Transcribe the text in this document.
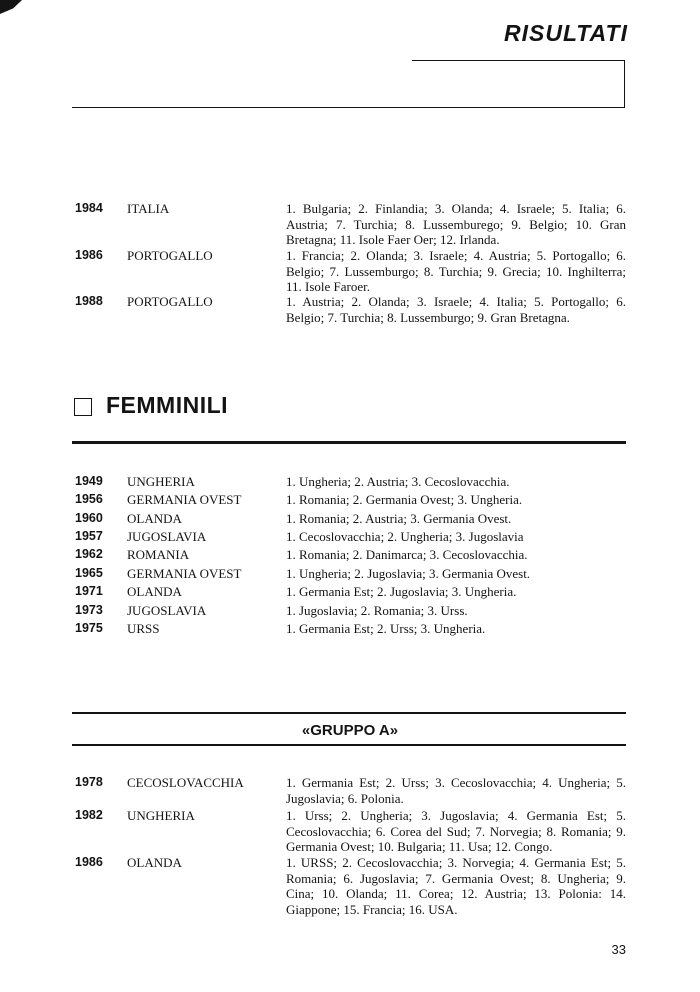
RISULTATI
1984	ITALIA	1. Bulgaria; 2. Finlandia; 3. Olanda; 4. Israele; 5. Italia; 6. Austria; 7. Turchia; 8. Lussemburego; 9. Belgio; 10. Gran Bretagna; 11. Isole Faer Oer; 12. Irlanda.
1986	PORTOGALLO	1. Francia; 2. Olanda; 3. Israele; 4. Austria; 5. Portogallo; 6. Belgio; 7. Lussemburgo; 8. Turchia; 9. Grecia; 10. Inghilterra; 11. Isole Faroer.
1988	PORTOGALLO	1. Austria; 2. Olanda; 3. Israele; 4. Italia; 5. Portogallo; 6. Belgio; 7. Turchia; 8. Lussemburgo; 9. Gran Bretagna.
FEMMINILI
1949 UNGHERIA	1. Ungheria; 2. Austria; 3. Cecoslovacchia.
1956 GERMANIA OVEST	1. Romania; 2. Germania Ovest; 3. Ungheria.
1960 OLANDA	1. Romania; 2. Austria; 3. Germania Ovest.
1957 JUGOSLAVIA	1. Cecoslovacchia; 2. Ungheria; 3. Jugoslavia
1962 ROMANIA	1. Romania; 2. Danimarca; 3. Cecoslovacchia.
1965 GERMANIA OVEST	1. Ungheria; 2. Jugoslavia; 3. Germania Ovest.
1971 OLANDA	1. Germania Est; 2. Jugoslavia; 3. Ungheria.
1973 JUGOSLAVIA	1. Jugoslavia; 2. Romania; 3. Urss.
1975 URSS	1. Germania Est; 2. Urss; 3. Ungheria.
«GRUPPO A»
1978	CECOSLOVACCHIA	1. Germania Est; 2. Urss; 3. Cecoslovacchia; 4. Ungheria; 5. Jugoslavia; 6. Polonia.
1982	UNGHERIA	1. Urss; 2. Ungheria; 3. Jugoslavia; 4. Germania Est; 5. Cecoslovacchia; 6. Corea del Sud; 7. Norvegia; 8. Romania; 9. Germania Ovest; 10. Bulgaria; 11. Usa; 12. Congo.
1986	OLANDA	1. URSS; 2. Cecoslovacchia; 3. Norvegia; 4. Germania Est; 5. Romania; 6. Jugoslavia; 7. Germania Ovest; 8. Ungheria; 9. Cina; 10. Olanda; 11. Corea; 12. Austria; 13. Polonia: 14. Giappone; 15. Francia; 16. USA.
33
